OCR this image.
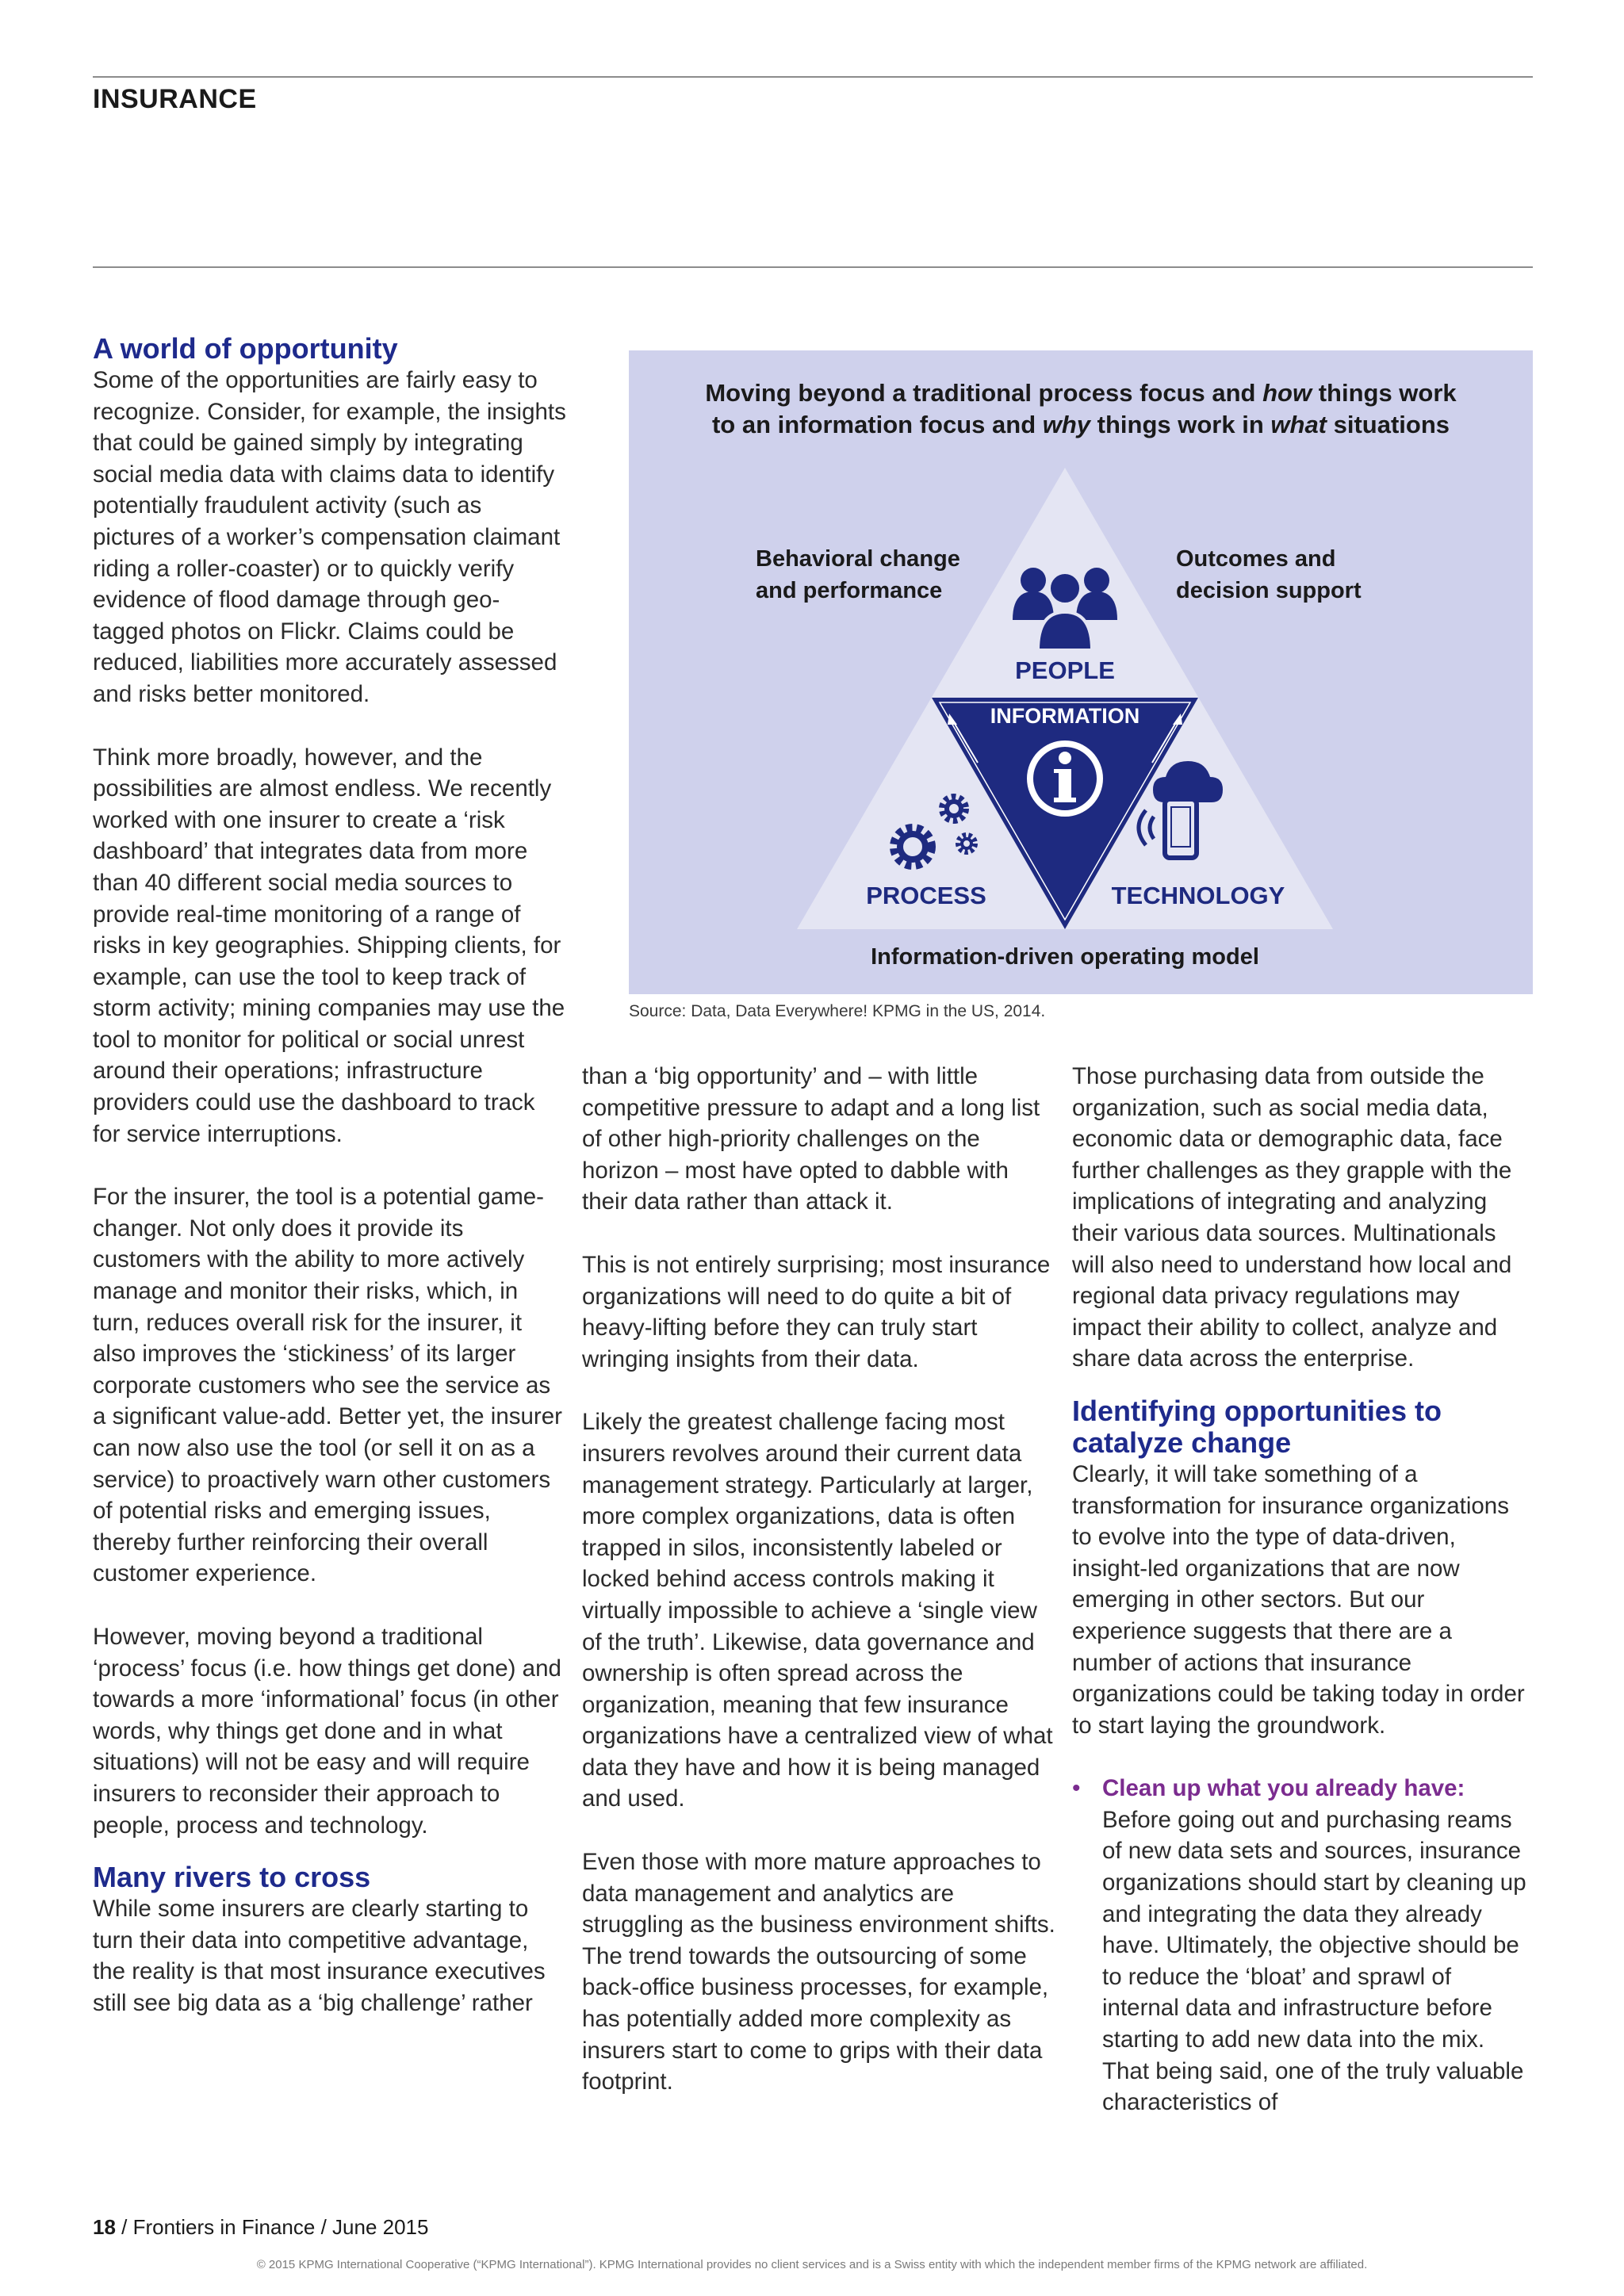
INSURANCE
A world of opportunity

Some of the opportunities are fairly easy to recognize. Consider, for example, the insights that could be gained simply by integrating social media data with claims data to identify potentially fraudulent activity (such as pictures of a worker’s compensation claimant riding a roller-coaster) or to quickly verify evidence of flood damage through geo-tagged photos on Flickr. Claims could be reduced, liabilities more accurately assessed and risks better monitored.

Think more broadly, however, and the possibilities are almost endless. We recently worked with one insurer to create a ‘risk dashboard’ that integrates data from more than 40 different social media sources to provide real-time monitoring of a range of risks in key geographies. Shipping clients, for example, can use the tool to keep track of storm activity; mining companies may use the tool to monitor for political or social unrest around their operations; infrastructure providers could use the dashboard to track for service interruptions.

For the insurer, the tool is a potential game-changer. Not only does it provide its customers with the ability to more actively manage and monitor their risks, which, in turn, reduces overall risk for the insurer, it also improves the ‘stickiness’ of its larger corporate customers who see the service as a significant value-add. Better yet, the insurer can now also use the tool (or sell it on as a service) to proactively warn other customers of potential risks and emerging issues, thereby further reinforcing their overall customer experience.

However, moving beyond a traditional ‘process’ focus (i.e. how things get done) and towards a more ‘informational’ focus (in other words, why things get done and in what situations) will not be easy and will require insurers to reconsider their approach to people, process and technology.

Many rivers to cross

While some insurers are clearly starting to turn their data into competitive advantage, the reality is that most insurance executives still see big data as a ‘big challenge’ rather

Moving beyond a traditional process focus and how things work
to an information focus and why things work in what situations
Behavioral change
and performance
Outcomes and
decision support
PEOPLE
INFORMATION
PROCESS	TECHNOLOGY
Information-driven operating model
Source: Data, Data Everywhere! KPMG in the US, 2014.

than a ‘big opportunity’ and – with little competitive pressure to adapt and a long list of other high-priority challenges on the horizon – most have opted to dabble with their data rather than attack it.

This is not entirely surprising; most insurance organizations will need to do quite a bit of heavy-lifting before they can truly start wringing insights from their data.

Likely the greatest challenge facing most insurers revolves around their current data management strategy. Particularly at larger, more complex organizations, data is often trapped in silos, inconsistently labeled or locked behind access controls making it virtually impossible to achieve a ‘single view of the truth’. Likewise, data governance and ownership is often spread across the organization, meaning that few insurance organizations have a centralized view of what data they have and how it is being managed and used.

Even those with more mature approaches to data management and analytics are struggling as the business environment shifts. The trend towards the outsourcing of some back-office business processes, for example, has potentially added more complexity as insurers start to come to grips with their data footprint.

Those purchasing data from outside the organization, such as social media data, economic data or demographic data, face further challenges as they grapple with the implications of integrating and analyzing their various data sources. Multinationals will also need to understand how local and regional data privacy regulations may impact their ability to collect, analyze and share data across the enterprise.

Identifying opportunities to catalyze change

Clearly, it will take something of a transformation for insurance organizations to evolve into the type of data-driven, insight-led organizations that are now emerging in other sectors. But our experience suggests that there are a number of actions that insurance organizations could be taking today in order to start laying the groundwork.

• Clean up what you already have:
Before going out and purchasing reams of new data sets and sources, insurance organizations should start by cleaning up and integrating the data they already have. Ultimately, the objective should be to reduce the ‘bloat’ and sprawl of internal data and infrastructure before starting to add new data into the mix. That being said, one of the truly valuable characteristics of
18 / Frontiers in Finance / June 2015
© 2015 KPMG International Cooperative (“KPMG International”). KPMG International provides no client services and is a Swiss entity with which the independent member firms of the KPMG network are affiliated.
